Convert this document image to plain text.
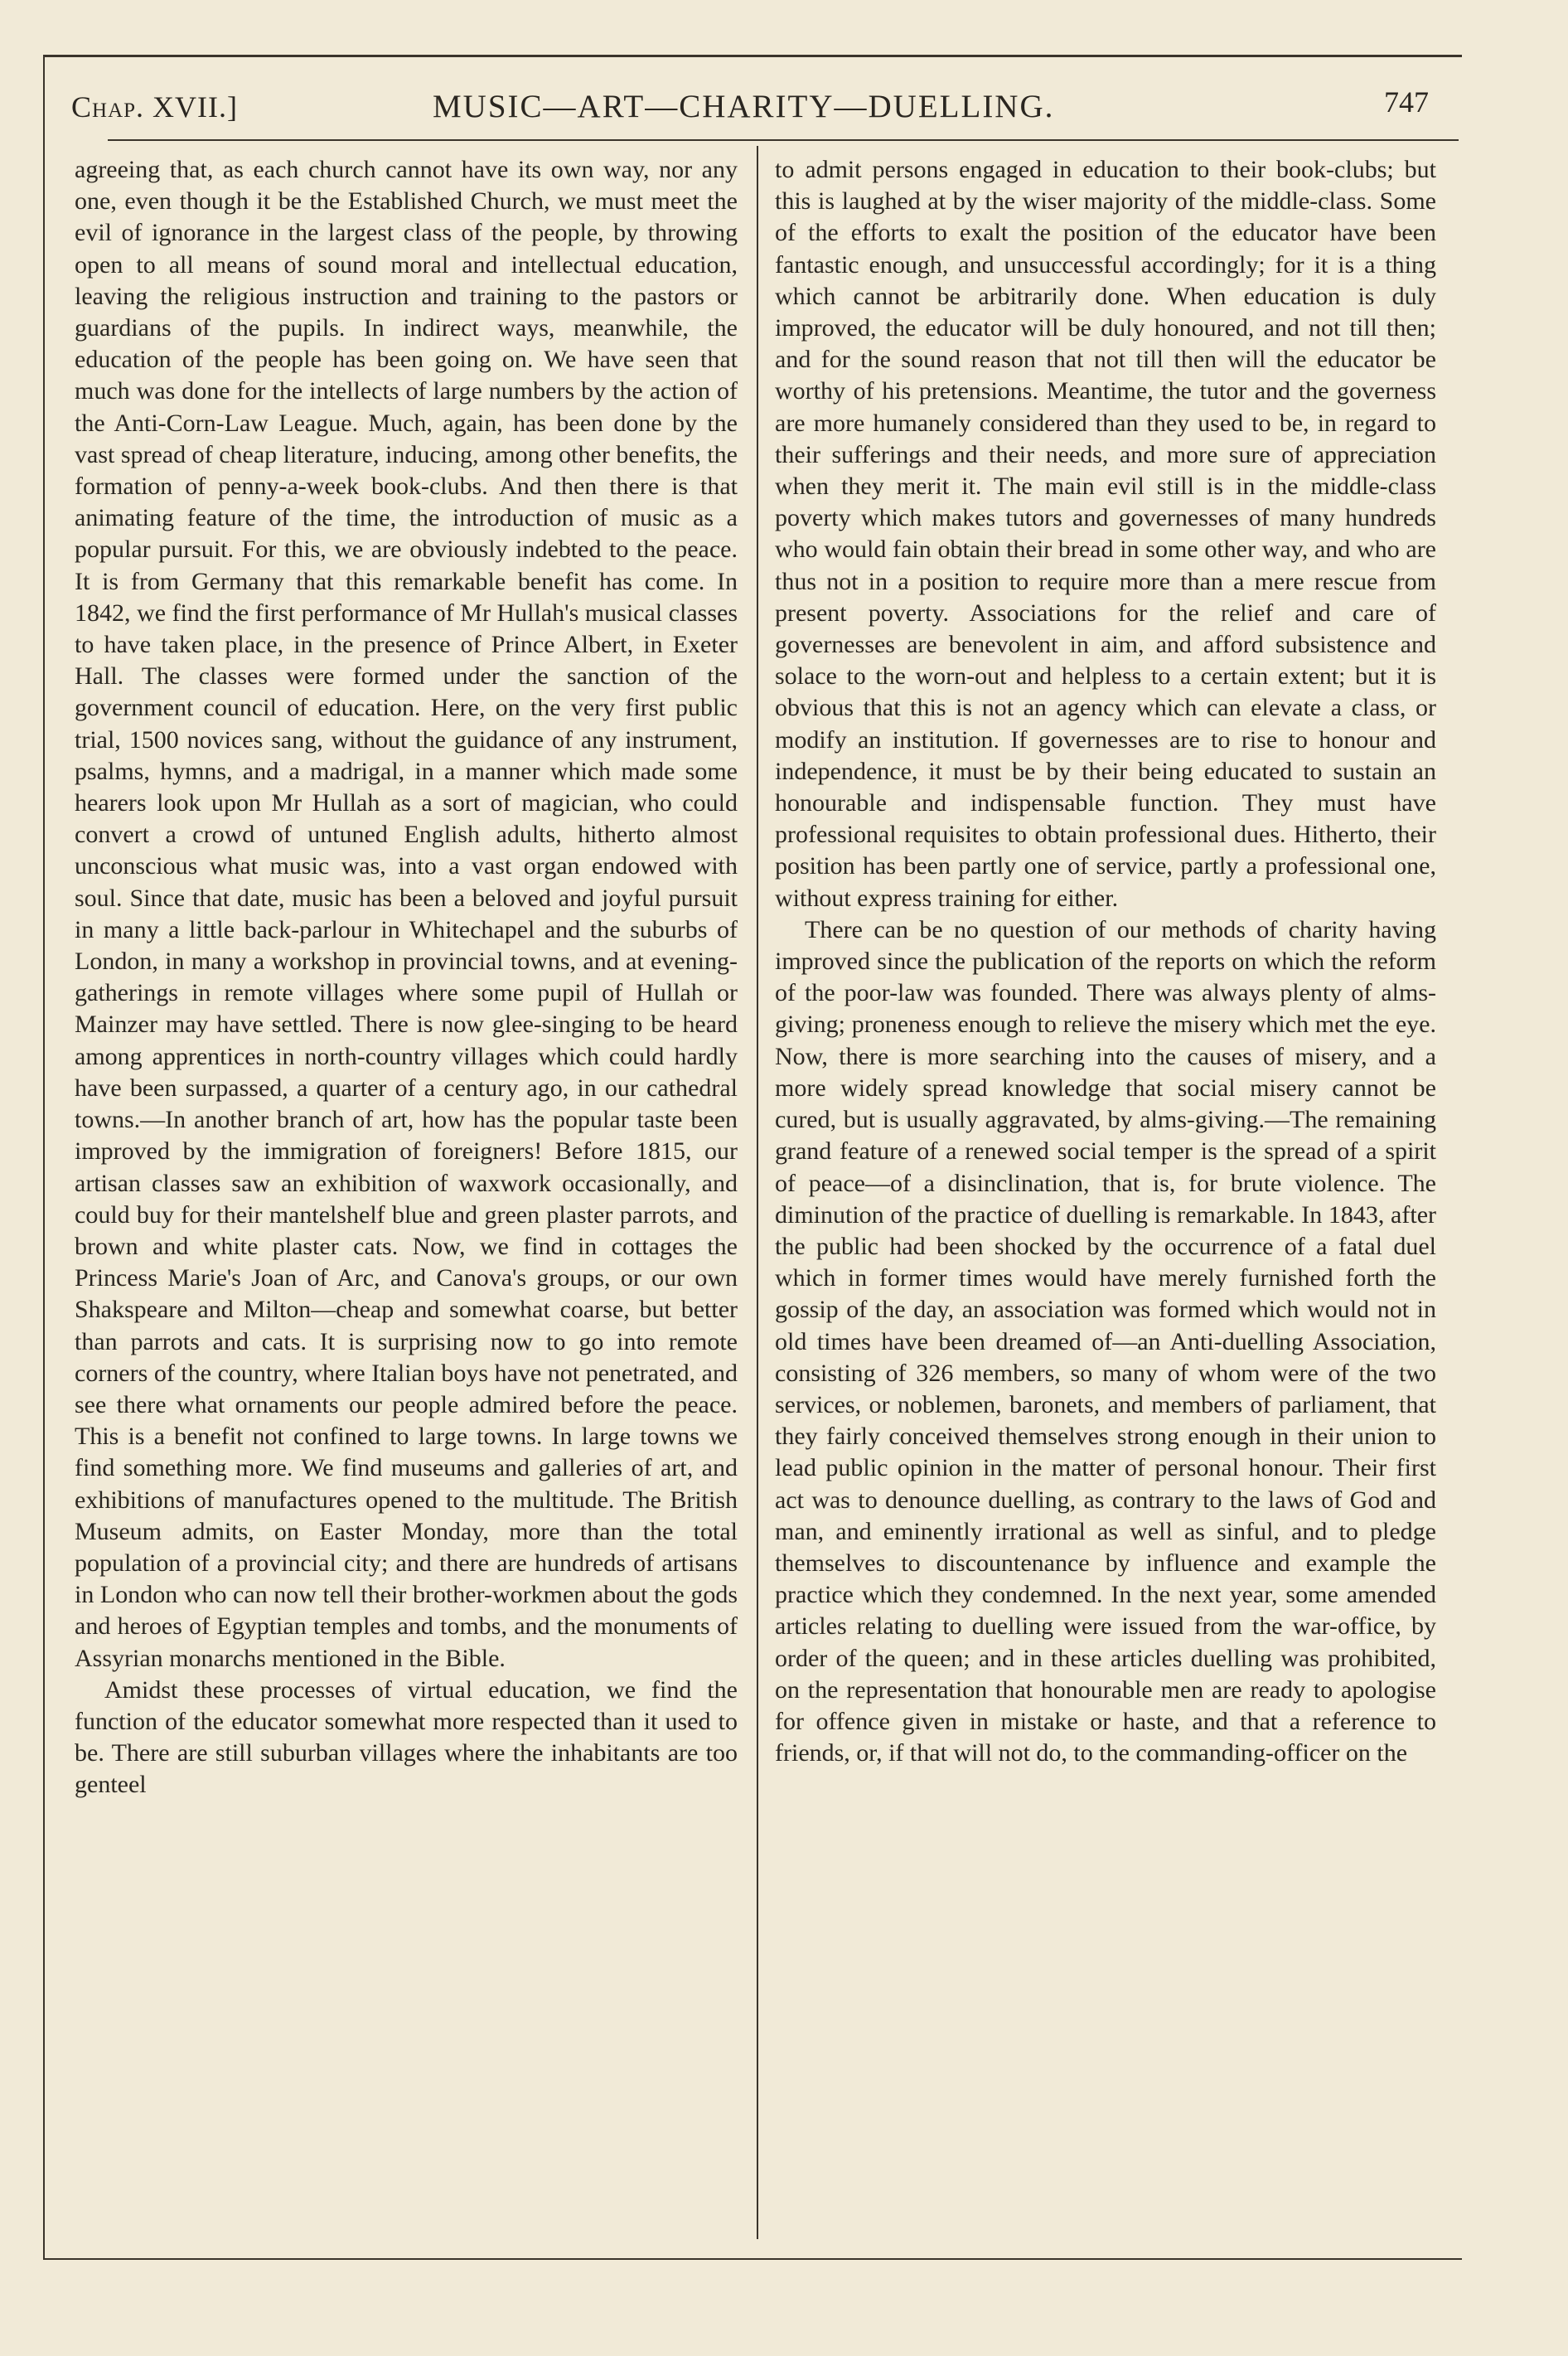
Chap. XVII.]	MUSIC—ART—CHARITY—DUELLING.	747

agreeing that, as each church cannot have its own way, nor any one, even though it be the Established Church, we must meet the evil of ignorance in the largest class of the people, by throwing open to all means of sound moral and intellectual education, leaving the religious instruction and training to the pastors or guardians of the pupils. In indirect ways, meanwhile, the education of the people has been going on. We have seen that much was done for the intellects of large numbers by the action of the Anti-Corn-Law League. Much, again, has been done by the vast spread of cheap literature, inducing, among other benefits, the formation of penny-a-week book-clubs. And then there is that animating feature of the time, the introduction of music as a popular pursuit. For this, we are obviously indebted to the peace. It is from Germany that this remarkable benefit has come. In 1842, we find the first performance of Mr Hullah's musical classes to have taken place, in the presence of Prince Albert, in Exeter Hall. The classes were formed under the sanction of the government council of education. Here, on the very first public trial, 1500 novices sang, without the guidance of any instrument, psalms, hymns, and a madrigal, in a manner which made some hearers look upon Mr Hullah as a sort of magician, who could convert a crowd of untuned English adults, hitherto almost unconscious what music was, into a vast organ endowed with soul. Since that date, music has been a beloved and joyful pursuit in many a little back-parlour in Whitechapel and the suburbs of London, in many a workshop in provincial towns, and at evening-gatherings in remote villages where some pupil of Hullah or Mainzer may have settled. There is now glee-singing to be heard among apprentices in north-country villages which could hardly have been surpassed, a quarter of a century ago, in our cathedral towns.—In another branch of art, how has the popular taste been improved by the immigration of foreigners! Before 1815, our artisan classes saw an exhibition of waxwork occasionally, and could buy for their mantelshelf blue and green plaster parrots, and brown and white plaster cats. Now, we find in cottages the Princess Marie's Joan of Arc, and Canova's groups, or our own Shakspeare and Milton—cheap and somewhat coarse, but better than parrots and cats. It is surprising now to go into remote corners of the country, where Italian boys have not penetrated, and see there what ornaments our people admired before the peace. This is a benefit not confined to large towns. In large towns we find something more. We find museums and galleries of art, and exhibitions of manufactures opened to the multitude. The British Museum admits, on Easter Monday, more than the total population of a provincial city; and there are hundreds of artisans in London who can now tell their brother-workmen about the gods and heroes of Egyptian temples and tombs, and the monuments of Assyrian monarchs mentioned in the Bible.

Amidst these processes of virtual education, we find the function of the educator somewhat more respected than it used to be. There are still suburban villages where the inhabitants are too genteel

to admit persons engaged in education to their book-clubs; but this is laughed at by the wiser majority of the middle-class. Some of the efforts to exalt the position of the educator have been fantastic enough, and unsuccessful accordingly; for it is a thing which cannot be arbitrarily done. When education is duly improved, the educator will be duly honoured, and not till then; and for the sound reason that not till then will the educator be worthy of his pretensions. Meantime, the tutor and the governess are more humanely considered than they used to be, in regard to their sufferings and their needs, and more sure of appreciation when they merit it. The main evil still is in the middle-class poverty which makes tutors and governesses of many hundreds who would fain obtain their bread in some other way, and who are thus not in a position to require more than a mere rescue from present poverty. Associations for the relief and care of governesses are benevolent in aim, and afford subsistence and solace to the worn-out and helpless to a certain extent; but it is obvious that this is not an agency which can elevate a class, or modify an institution. If governesses are to rise to honour and independence, it must be by their being educated to sustain an honourable and indispensable function. They must have professional requisites to obtain professional dues. Hitherto, their position has been partly one of service, partly a professional one, without express training for either.

There can be no question of our methods of charity having improved since the publication of the reports on which the reform of the poor-law was founded. There was always plenty of alms-giving; proneness enough to relieve the misery which met the eye. Now, there is more searching into the causes of misery, and a more widely spread knowledge that social misery cannot be cured, but is usually aggravated, by alms-giving.—The remaining grand feature of a renewed social temper is the spread of a spirit of peace—of a disinclination, that is, for brute violence. The diminution of the practice of duelling is remarkable. In 1843, after the public had been shocked by the occurrence of a fatal duel which in former times would have merely furnished forth the gossip of the day, an association was formed which would not in old times have been dreamed of—an Anti-duelling Association, consisting of 326 members, so many of whom were of the two services, or noblemen, baronets, and members of parliament, that they fairly conceived themselves strong enough in their union to lead public opinion in the matter of personal honour. Their first act was to denounce duelling, as contrary to the laws of God and man, and eminently irrational as well as sinful, and to pledge themselves to discountenance by influence and example the practice which they condemned. In the next year, some amended articles relating to duelling were issued from the war-office, by order of the queen; and in these articles duelling was prohibited, on the representation that honourable men are ready to apologise for offence given in mistake or haste, and that a reference to friends, or, if that will not do, to the commanding-officer on the
